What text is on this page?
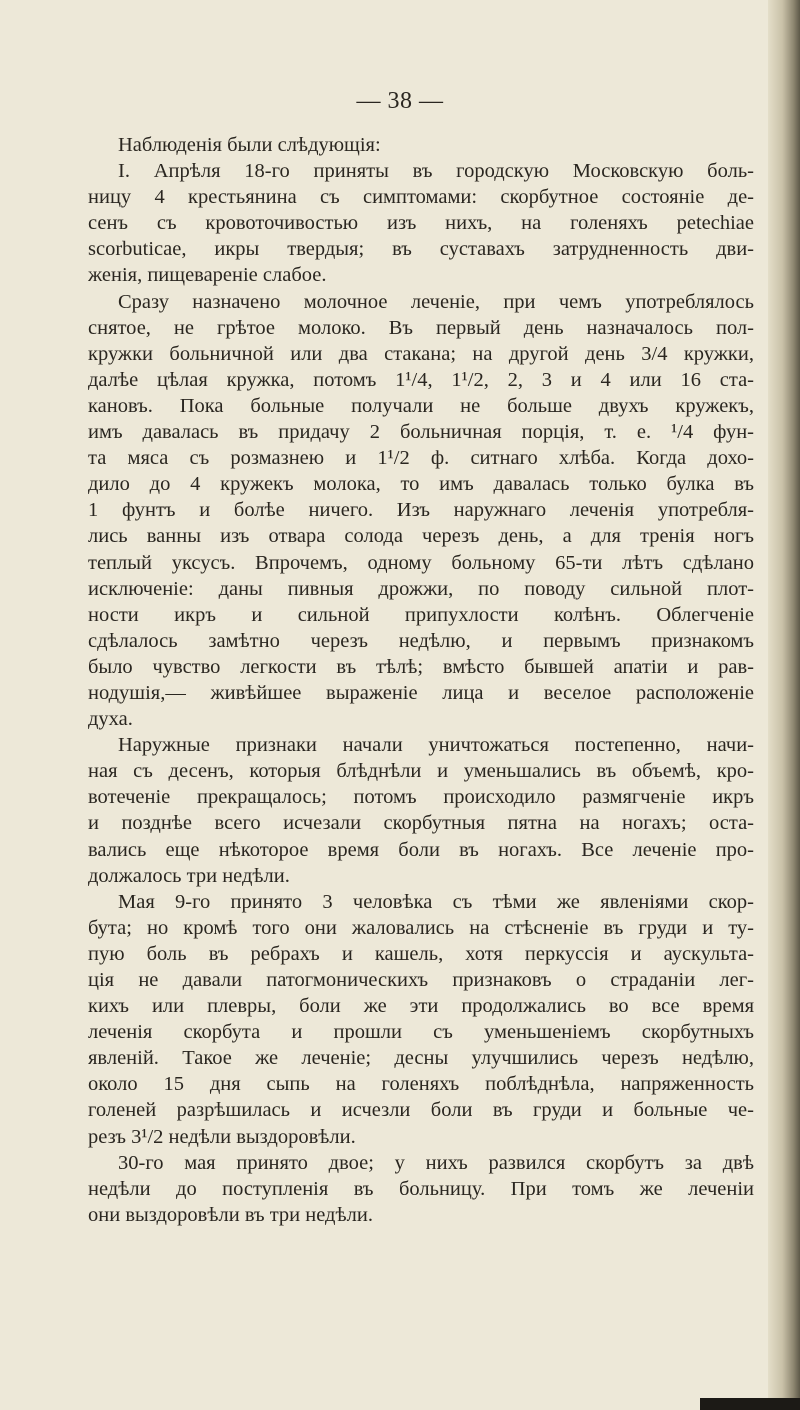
— 38 —
Наблюденія были слѣдующія:
I. Апрѣля 18-го приняты въ городскую Московскую боль-
ницу 4 крестьянина съ симптомами: скорбутное состояніе де-
сенъ съ кровоточивостью изъ нихъ, на голеняхъ petechiae
scorbuticae, икры твердыя; въ суставахъ затрудненность дви-
женія, пищевареніе слабое.
Сразу назначено молочное леченіе, при чемъ употреблялось
снятое, не грѣтое молоко. Въ первый день назначалось пол-
кружки больничной или два стакана; на другой день 3/4 кружки,
далѣе цѣлая кружка, потомъ 1¹/4, 1¹/2, 2, 3 и 4 или 16 ста-
кановъ. Пока больные получали не больше двухъ кружекъ,
имъ давалась въ придачу 2 больничная порція, т. е. ¹/4 фун-
та мяса съ розмазнею и 1¹/2 ф. ситнаго хлѣба. Когда дохо-
дило до 4 кружекъ молока, то имъ давалась только булка въ
1 фунтъ и болѣе ничего. Изъ наружнаго леченія употребля-
лись ванны изъ отвара солода черезъ день, а для тренія ногъ
теплый уксусъ. Впрочемъ, одному больному 65-ти лѣтъ сдѣлано
исключеніе: даны пивныя дрожжи, по поводу сильной плот-
ности икръ и сильной припухлости колѣнъ. Облегченіе
сдѣлалось замѣтно черезъ недѣлю, и первымъ признакомъ
было чувство легкости въ тѣлѣ; вмѣсто бывшей апатіи и рав-
нодушія,— живѣйшее выраженіе лица и веселое расположеніе
духа.
Наружные признаки начали уничтожаться постепенно, начи-
ная съ десенъ, которыя блѣднѣли и уменьшались въ объемѣ, кро-
вотеченіе прекращалось; потомъ происходило размягченіе икръ
и позднѣе всего исчезали скорбутныя пятна на ногахъ; оста-
вались еще нѣкоторое время боли въ ногахъ. Все леченіе про-
должалось три недѣли.
Мая 9-го принято 3 человѣка съ тѣми же явленіями скор-
бута; но кромѣ того они жаловались на стѣсненіе въ груди и ту-
пую боль въ ребрахъ и кашель, хотя перкуссія и аускульта-
ція не давали патогмоническихъ признаковъ о страданіи лег-
кихъ или плевры, боли же эти продолжались во все время
леченія скорбута и прошли съ уменьшеніемъ скорбутныхъ
явленій. Такое же леченіе; десны улучшились черезъ недѣлю,
около 15 дня сыпь на голеняхъ поблѣднѣла, напряженность
голеней разрѣшилась и исчезли боли въ груди и больные че-
резъ 3¹/2 недѣли выздоровѣли.
30-го мая принято двое; у нихъ развился скорбутъ за двѣ
недѣли до поступленія въ больницу. При томъ же леченіи
они выздоровѣли въ три недѣли.
